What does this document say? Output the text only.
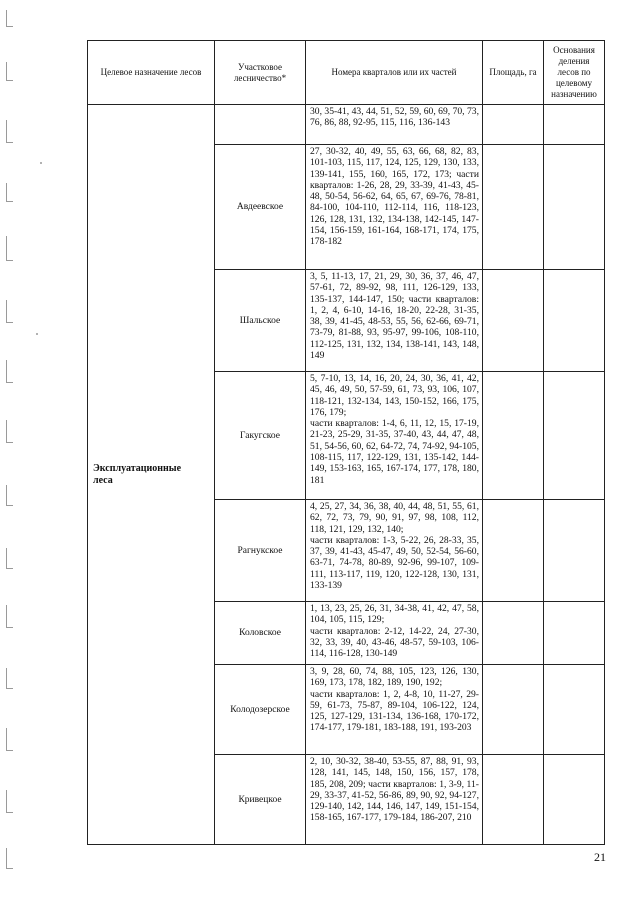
Целевое назначение лесов	Участковое лесничество*	Номера кварталов или их частей	Площадь, га	Основания
деления
лесов по
целевому
назначению

Эксплуатационные
леса		30, 35-41, 43, 44, 51, 52, 59, 60, 69, 70, 73, 76, 86, 88, 92-95, 115, 116, 136-143		

	Авдеевское	27, 30-32, 40, 49, 55, 63, 66, 68, 82, 83, 101-103, 115, 117, 124, 125, 129, 130, 133, 139-141, 155, 160, 165, 172, 173; части кварталов: 1-26, 28, 29, 33-39, 41-43, 45-48, 50-54, 56-62, 64, 65, 67, 69-76, 78-81, 84-100, 104-110, 112-114, 116, 118-123, 126, 128, 131, 132, 134-138, 142-145, 147-154, 156-159, 161-164, 168-171, 174, 175, 178-182		

	Шальское	3, 5, 11-13, 17, 21, 29, 30, 36, 37, 46, 47, 57-61, 72, 89-92, 98, 111, 126-129, 133, 135-137, 144-147, 150; части кварталов: 1, 2, 4, 6-10, 14-16, 18-20, 22-28, 31-35, 38, 39, 41-45, 48-53, 55, 56, 62-66, 69-71, 73-79, 81-88, 93, 95-97, 99-106, 108-110, 112-125, 131, 132, 134, 138-141, 143, 148, 149		

	Гакугское	5, 7-10, 13, 14, 16, 20, 24, 30, 36, 41, 42, 45, 46, 49, 50, 57-59, 61, 73, 93, 106, 107, 118-121, 132-134, 143, 150-152, 166, 175, 176, 179;
части кварталов: 1-4, 6, 11, 12, 15, 17-19, 21-23, 25-29, 31-35, 37-40, 43, 44, 47, 48, 51, 54-56, 60, 62, 64-72, 74, 74-92, 94-105, 108-115, 117, 122-129, 131, 135-142, 144-149, 153-163, 165, 167-174, 177, 178, 180, 181		

	Рагнукское	4, 25, 27, 34, 36, 38, 40, 44, 48, 51, 55, 61, 62, 72, 73, 79, 90, 91, 97, 98, 108, 112, 118, 121, 129, 132, 140;
части кварталов: 1-3, 5-22, 26, 28-33, 35, 37, 39, 41-43, 45-47, 49, 50, 52-54, 56-60, 63-71, 74-78, 80-89, 92-96, 99-107, 109-111, 113-117, 119, 120, 122-128, 130, 131, 133-139		

	Коловское	1, 13, 23, 25, 26, 31, 34-38, 41, 42, 47, 58, 104, 105, 115, 129;
части кварталов: 2-12, 14-22, 24, 27-30, 32, 33, 39, 40, 43-46, 48-57, 59-103, 106-114, 116-128, 130-149		

	Колодозерское	3, 9, 28, 60, 74, 88, 105, 123, 126, 130, 169, 173, 178, 182, 189, 190, 192;
части кварталов: 1, 2, 4-8, 10, 11-27, 29-59, 61-73, 75-87, 89-104, 106-122, 124, 125, 127-129, 131-134, 136-168, 170-172, 174-177, 179-181, 183-188, 191, 193-203		

	Кривецкое	2, 10, 30-32, 38-40, 53-55, 87, 88, 91, 93, 128, 141, 145, 148, 150, 156, 157, 178, 185, 208, 209; части кварталов: 1, 3-9, 11-29, 33-37, 41-52, 56-86, 89, 90, 92, 94-127, 129-140, 142, 144, 146, 147, 149, 151-154, 158-165, 167-177, 179-184, 186-207, 210		

21
